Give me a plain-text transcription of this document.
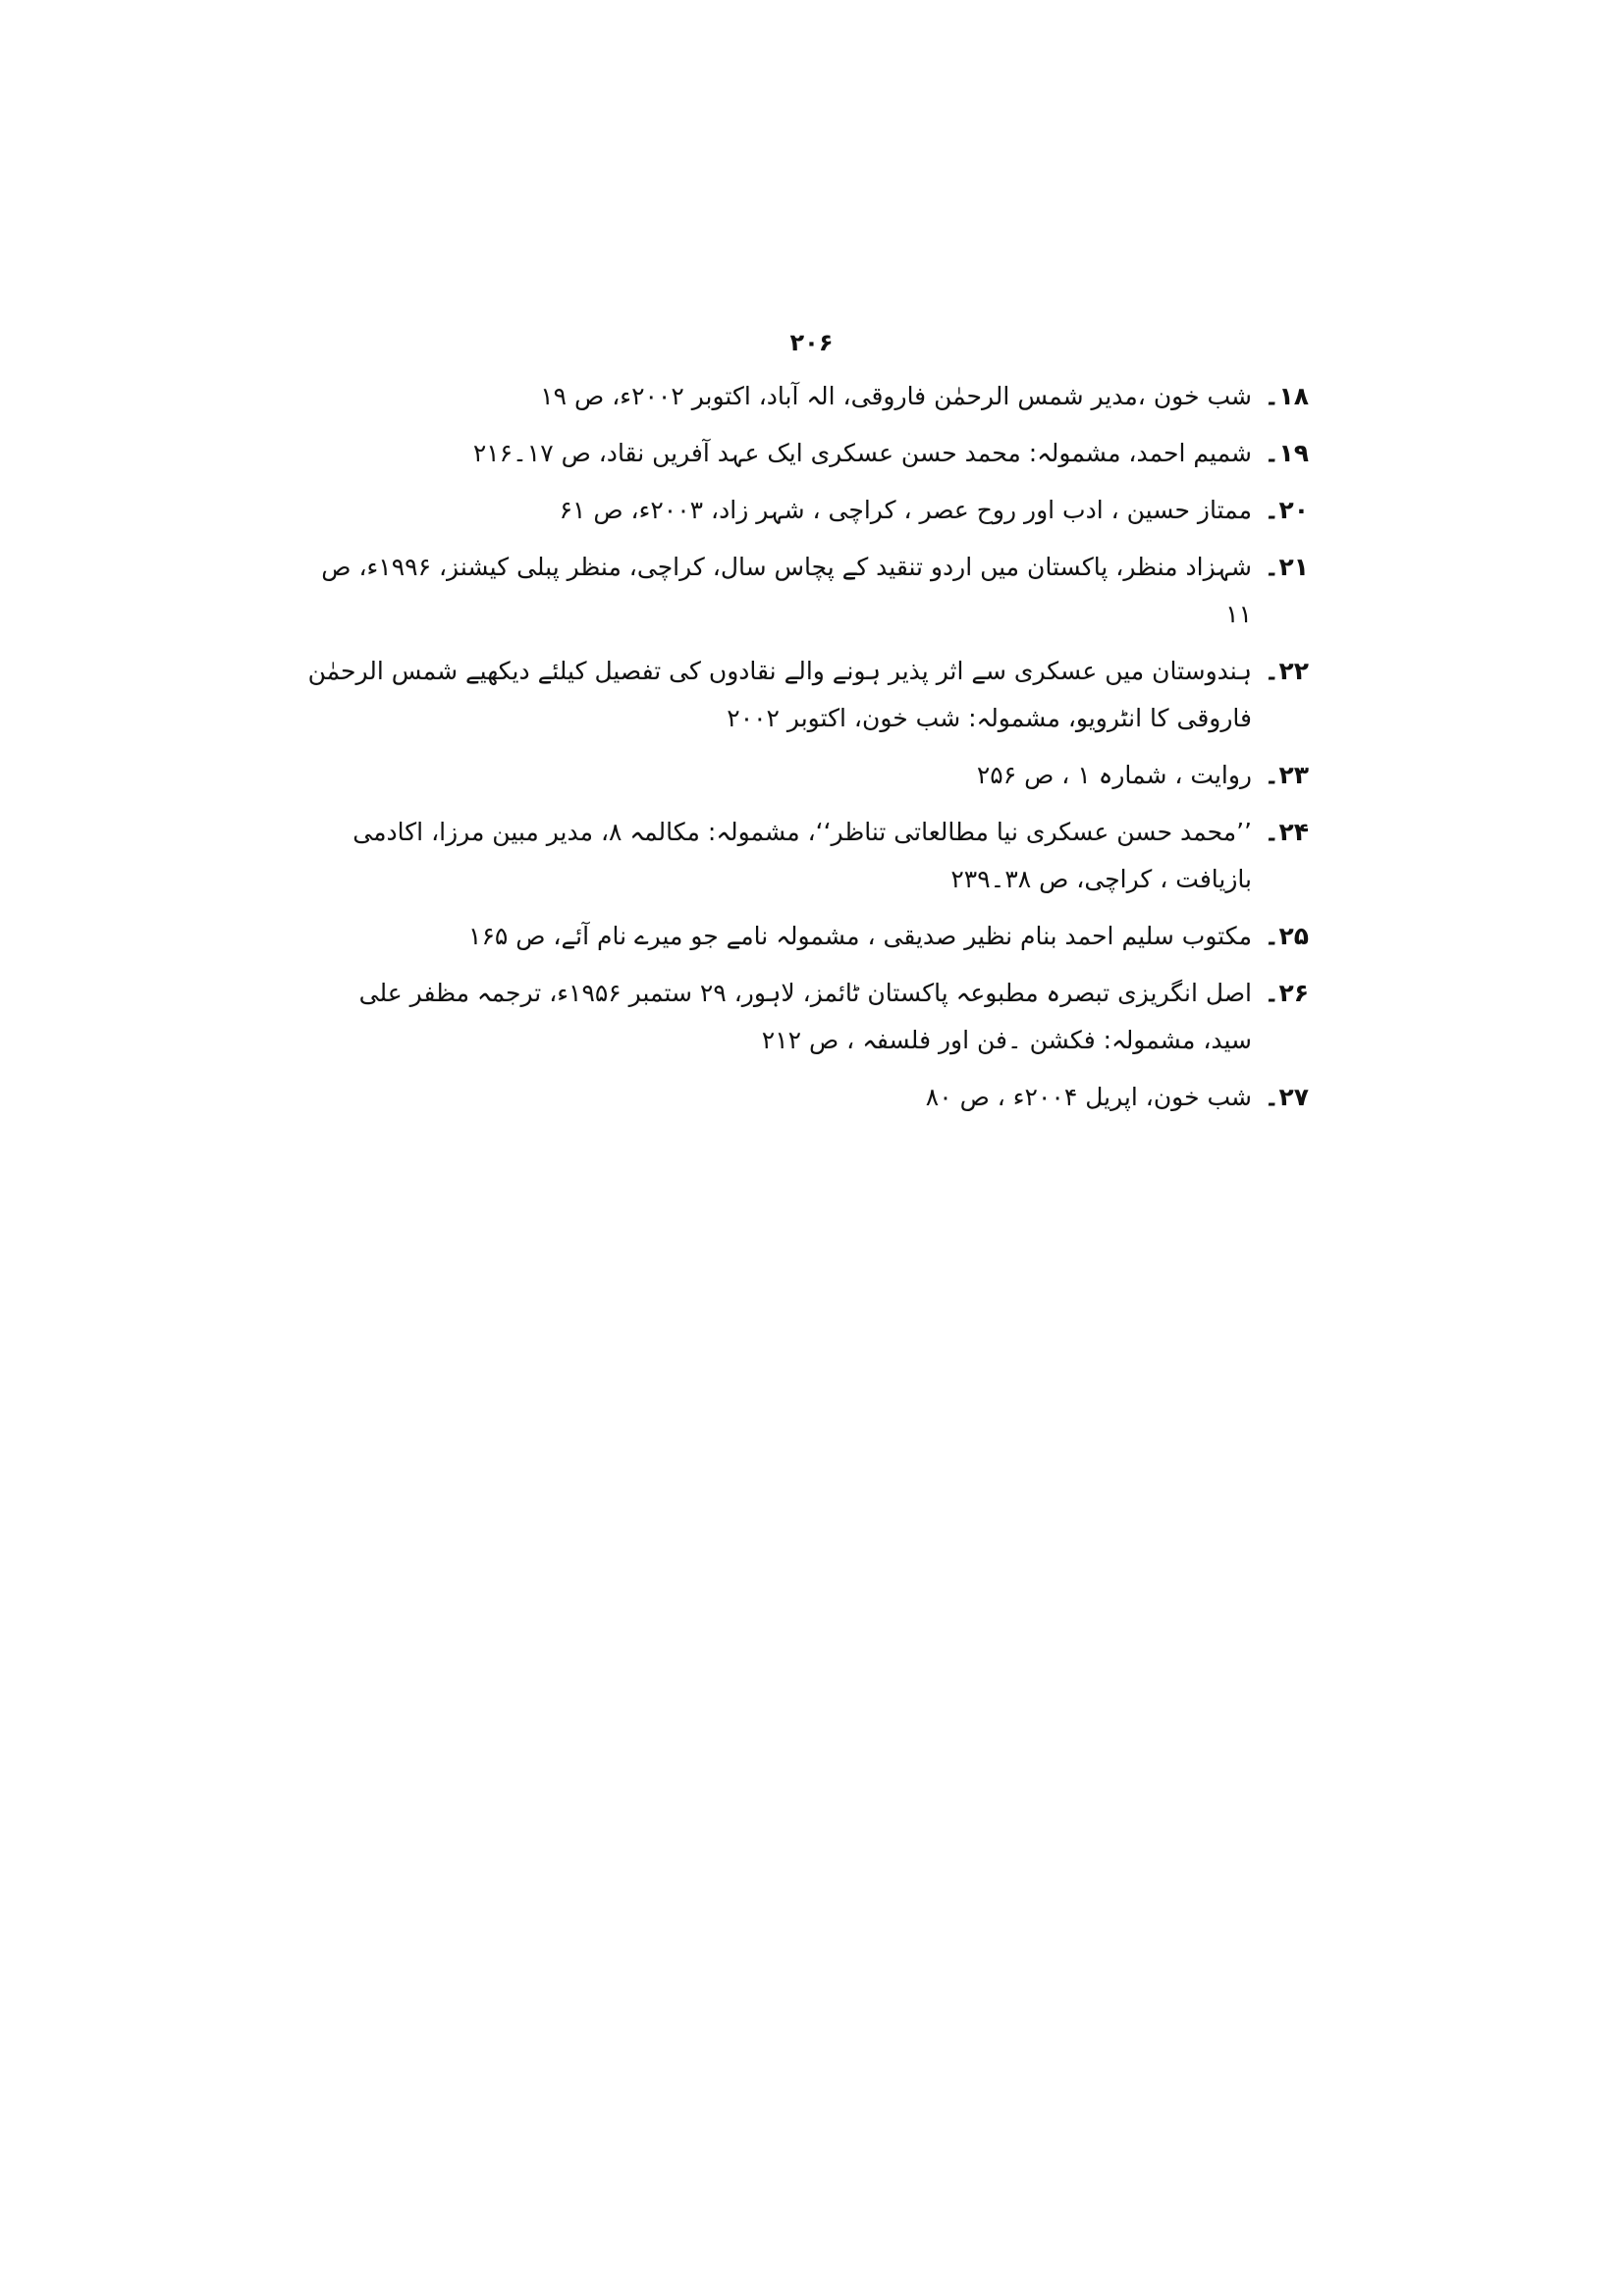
۲۰۶
۱۸۔
شب خون ،مدیر شمس الرحمٰن فاروقی، الہ آباد، اکتوبر ۲۰۰۲ء، ص ۱۹
۱۹۔
شمیم احمد، مشمولہ: محمد حسن عسکری ایک عہد آفریں نقاد، ص ۱۷۔۲۱۶
۲۰۔
ممتاز حسین ، ادب اور روح عصر ، کراچی ، شہر زاد، ۲۰۰۳ء، ص ۶۱
۲۱۔
شہزاد منظر، پاکستان میں اردو تنقید کے پچاس سال، کراچی، منظر پبلی کیشنز، ۱۹۹۶ء، ص ۱۱
۲۲۔
ہندوستان میں عسکری سے اثر پذیر ہونے والے نقادوں کی تفصیل کیلئے دیکھیے شمس الرحمٰن فاروقی کا انٹرویو، مشمولہ: شب خون، اکتوبر ۲۰۰۲
۲۳۔
روایت ، شمارہ ۱ ، ص ۲۵۶
۲۴۔
’’محمد حسن عسکری نیا مطالعاتی تناظر‘‘، مشمولہ: مکالمہ ۸، مدیر مبین مرزا، اکادمی بازیافت ، کراچی، ص ۳۸۔۲۳۹
۲۵۔
مکتوب سلیم احمد بنام نظیر صدیقی ، مشمولہ نامے جو میرے نام آئے، ص ۱۶۵
۲۶۔
اصل انگریزی تبصرہ مطبوعہ پاکستان ٹائمز، لاہور، ۲۹ ستمبر ۱۹۵۶ء، ترجمہ مظفر علی سید، مشمولہ: فکشن ۔فن اور فلسفہ ، ص ۲۱۲
۲۷۔
شب خون، اپریل ۲۰۰۴ء ، ص ۸۰
